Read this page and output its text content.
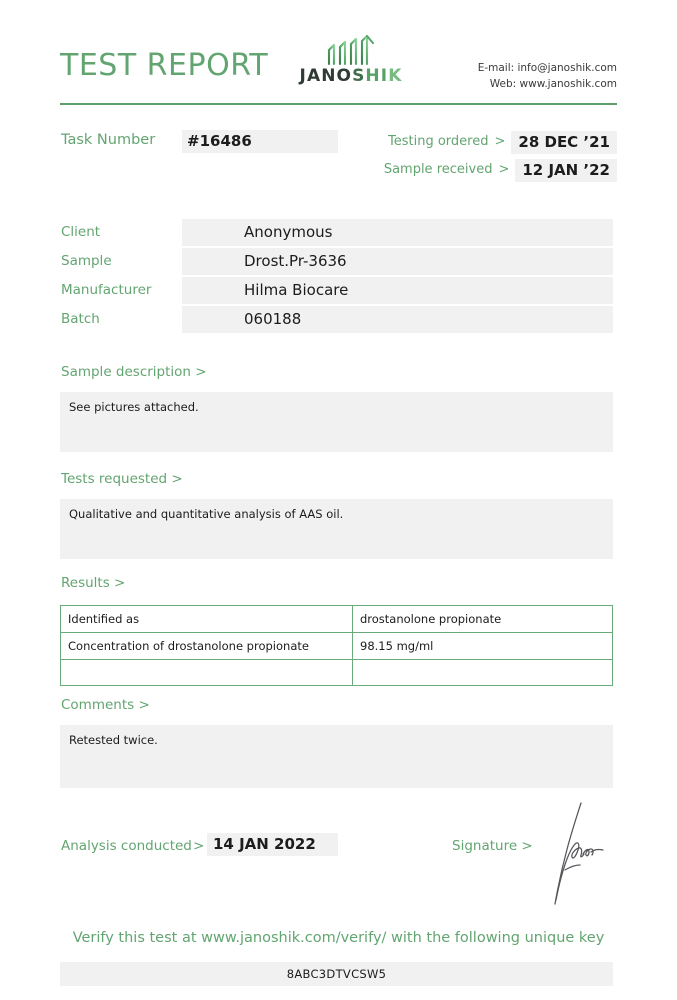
TEST REPORT	JANOSHIK	E-mail: info@janoshik.com
Web: www.janoshik.com
Task Number	#16486	Testing ordered > 28 DEC ’21
Sample received > 12 JAN ’22
Client	Anonymous
Sample	Drost.Pr-3636
Manufacturer	Hilma Biocare
Batch	060188
Sample description >
See pictures attached.
Tests requested >
Qualitative and quantitative analysis of AAS oil.
Results >
Identified as	drostanolone propionate
Concentration of drostanolone propionate	98.15 mg/ml

Comments >
Retested twice.
Analysis conducted > 14 JAN 2022	Signature >
Verify this test at www.janoshik.com/verify/ with the following unique key
8ABC3DTVCSW5
